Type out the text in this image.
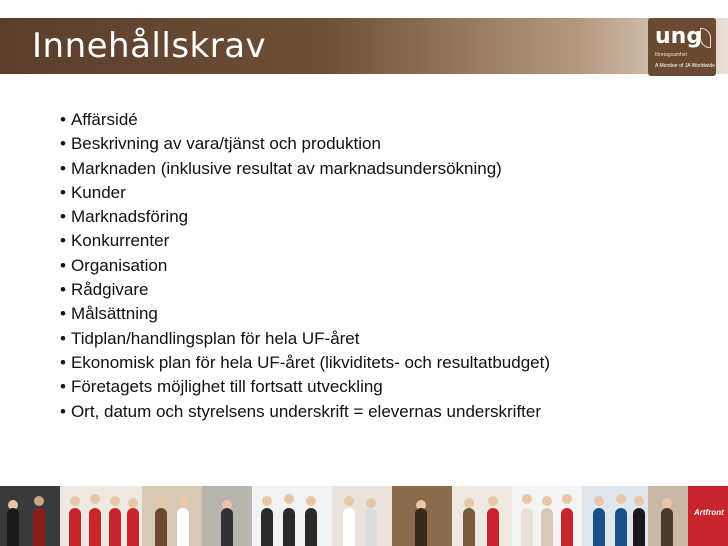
Innehållskrav	ung
företagsamhet
A Member of JA Worldwide
• Affärsidé
• Beskrivning av vara/tjänst och produktion
• Marknaden (inklusive resultat av marknadsundersökning)
• Kunder
• Marknadsföring
• Konkurrenter
• Organisation
• Rådgivare
• Målsättning
• Tidplan/handlingsplan för hela UF-året
• Ekonomisk plan för hela UF-året (likviditets- och resultatbudget)
• Företagets möjlighet till fortsatt utveckling
• Ort, datum och styrelsens underskrift = elevernas underskrifter
Artfront
